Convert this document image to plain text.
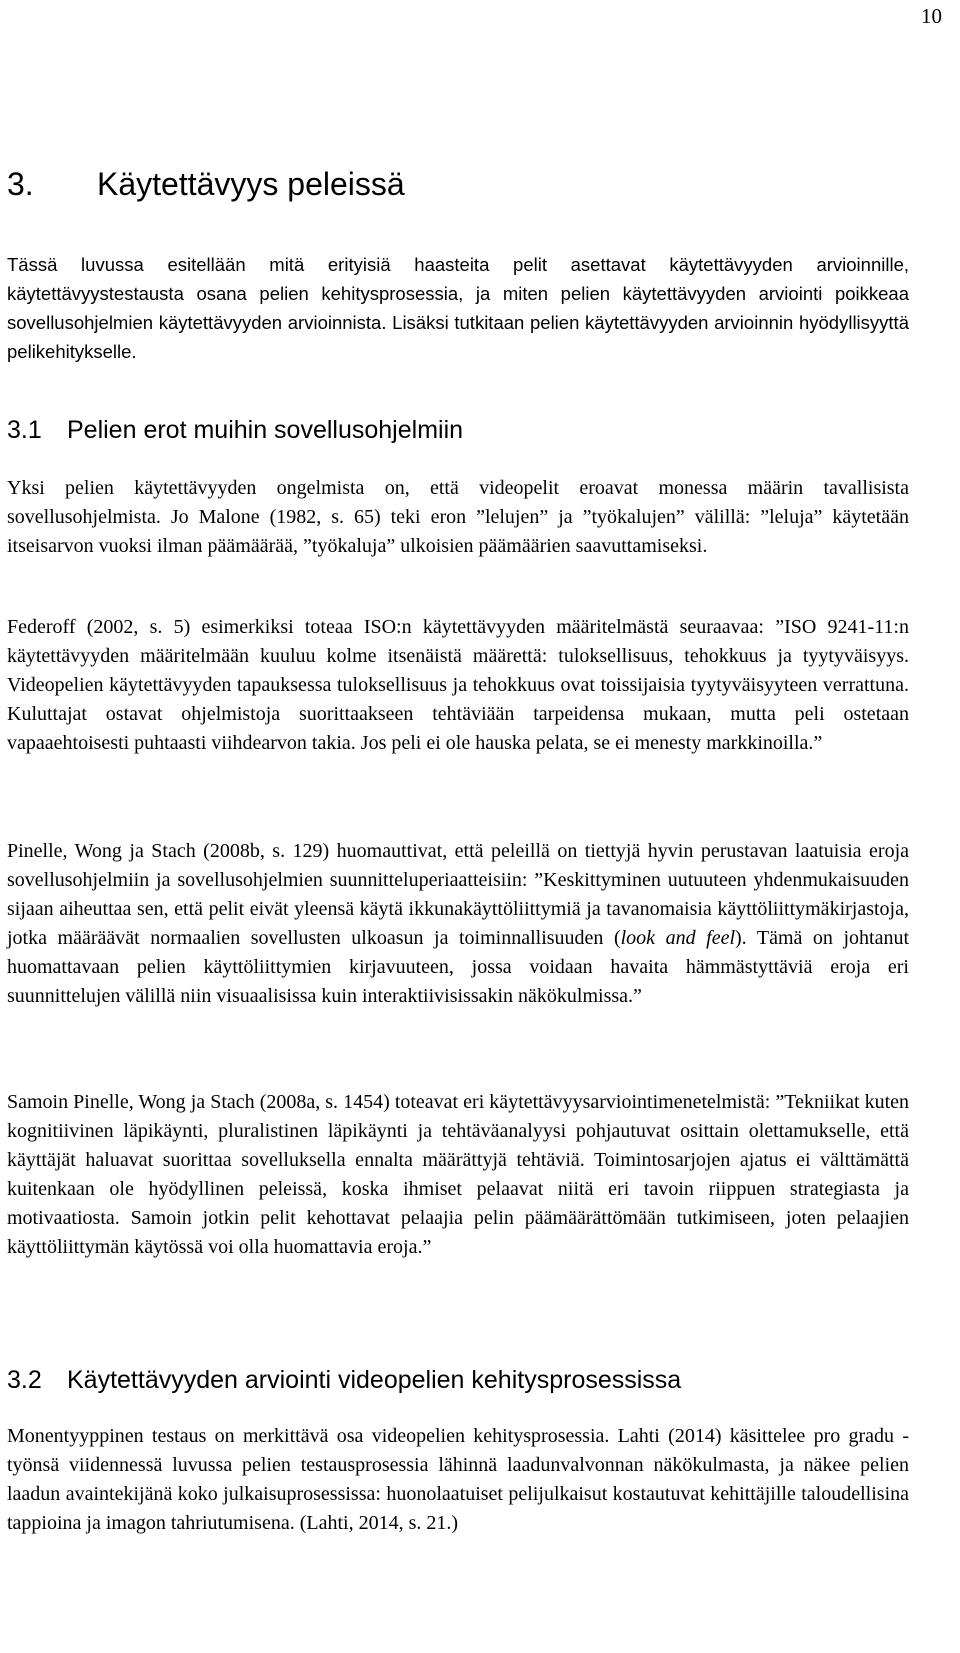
10
3. Käytettävyys peleissä

Tässä luvussa esitellään mitä erityisiä haasteita pelit asettavat käytettävyyden arvioinnille, käytettävyystestausta osana pelien kehitysprosessia, ja miten pelien käytettävyyden arviointi poikkeaa sovellusohjelmien käytettävyyden arvioinnista. Lisäksi tutkitaan pelien käytettävyyden arvioinnin hyödyllisyyttä pelikehitykselle.

3.1 Pelien erot muihin sovellusohjelmiin

Yksi pelien käytettävyyden ongelmista on, että videopelit eroavat monessa määrin tavallisista sovellusohjelmista. Jo Malone (1982, s. 65) teki eron ”lelujen” ja ”työkalujen” välillä: ”leluja” käytetään itseisarvon vuoksi ilman päämäärää, ”työkaluja” ulkoisien päämäärien saavuttamiseksi.

Federoff (2002, s. 5) esimerkiksi toteaa ISO:n käytettävyyden määritelmästä seuraavaa: ”ISO 9241-11:n käytettävyyden määritelmään kuuluu kolme itsenäistä määrettä: tuloksellisuus, tehokkuus ja tyytyväisyys. Videopelien käytettävyyden tapauksessa tuloksellisuus ja tehokkuus ovat toissijaisia tyytyväisyyteen verrattuna. Kuluttajat ostavat ohjelmistoja suorittaakseen tehtäviään tarpeidensa mukaan, mutta peli ostetaan vapaaehtoisesti puhtaasti viihdearvon takia. Jos peli ei ole hauska pelata, se ei menesty markkinoilla.”

Pinelle, Wong ja Stach (2008b, s. 129) huomauttivat, että peleillä on tiettyjä hyvin perustavan laatuisia eroja sovellusohjelmiin ja sovellusohjelmien suunnitteluperiaatteisiin: ”Keskittyminen uutuuteen yhdenmukaisuuden sijaan aiheuttaa sen, että pelit eivät yleensä käytä ikkunakäyttöliittymiä ja tavanomaisia käyttöliittymäkirjastoja, jotka määräävät normaalien sovellusten ulkoasun ja toiminnallisuuden (look and feel). Tämä on johtanut huomattavaan pelien käyttöliittymien kirjavuuteen, jossa voidaan havaita hämmästyttäviä eroja eri suunnittelujen välillä niin visuaalisissa kuin interaktiivisissakin näkökulmissa.”

Samoin Pinelle, Wong ja Stach (2008a, s. 1454) toteavat eri käytettävyysarviointimenetelmistä: ”Tekniikat kuten kognitiivinen läpikäynti, pluralistinen läpikäynti ja tehtäväanalyysi pohjautuvat osittain olettamukselle, että käyttäjät haluavat suorittaa sovelluksella ennalta määrättyjä tehtäviä. Toimintosarjojen ajatus ei välttämättä kuitenkaan ole hyödyllinen peleissä, koska ihmiset pelaavat niitä eri tavoin riippuen strategiasta ja motivaatiosta. Samoin jotkin pelit kehottavat pelaajia pelin päämäärättömään tutkimiseen, joten pelaajien käyttöliittymän käytössä voi olla huomattavia eroja.”

3.2 Käytettävyyden arviointi videopelien kehitysprosessissa

Monentyyppinen testaus on merkittävä osa videopelien kehitysprosessia. Lahti (2014) käsittelee pro gradu -työnsä viidennessä luvussa pelien testausprosessia lähinnä laadunvalvonnan näkökulmasta, ja näkee pelien laadun avaintekijänä koko julkaisuprosessissa: huonolaatuiset pelijulkaisut kostautuvat kehittäjille taloudellisina tappioina ja imagon tahriutumisena. (Lahti, 2014, s. 21.)
